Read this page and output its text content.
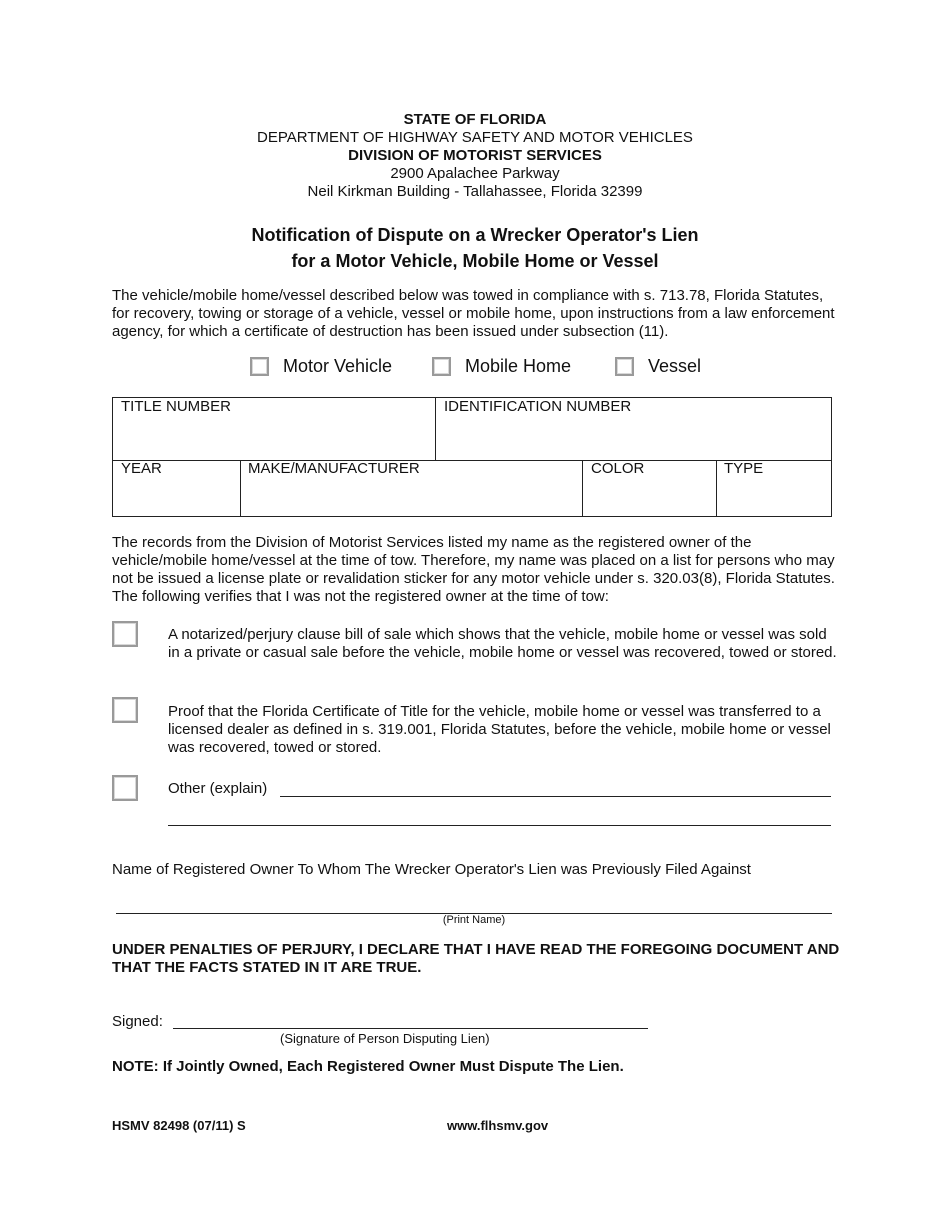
STATE OF FLORIDA
DEPARTMENT OF HIGHWAY SAFETY AND MOTOR VEHICLES
DIVISION OF MOTORIST SERVICES
2900 Apalachee Parkway
Neil Kirkman Building - Tallahassee, Florida 32399
Notification of Dispute on a Wrecker Operator's Lien
for a Motor Vehicle, Mobile Home or Vessel
The vehicle/mobile home/vessel described below was towed in compliance with s. 713.78, Florida Statutes, for recovery, towing or storage of a vehicle, vessel or mobile home, upon instructions from a law enforcement agency, for which a certificate of destruction has been issued under subsection (11).
Motor Vehicle	Mobile Home	Vessel
TITLE NUMBER	IDENTIFICATION NUMBER
YEAR	MAKE/MANUFACTURER	COLOR	TYPE
The records from the Division of Motorist Services listed my name as the registered owner of the vehicle/mobile home/vessel at the time of tow. Therefore, my name was placed on a list for persons who may not be issued a license plate or revalidation sticker for any motor vehicle under s. 320.03(8), Florida Statutes. The following verifies that I was not the registered owner at the time of tow:
A notarized/perjury clause bill of sale which shows that the vehicle, mobile home or vessel was sold in a private or casual sale before the vehicle, mobile home or vessel was recovered, towed or stored.
Proof that the Florida Certificate of Title for the vehicle, mobile home or vessel was transferred to a licensed dealer as defined in s. 319.001, Florida Statutes, before the vehicle, mobile home or vessel was recovered, towed or stored.
Other (explain)
Name of Registered Owner To Whom The Wrecker Operator's Lien was Previously Filed Against
(Print Name)
UNDER PENALTIES OF PERJURY, I DECLARE THAT I HAVE READ THE FOREGOING DOCUMENT AND THAT THE FACTS STATED IN IT ARE TRUE.
Signed:
(Signature of Person Disputing Lien)
NOTE: If Jointly Owned, Each Registered Owner Must Dispute The Lien.
HSMV 82498 (07/11) S	www.flhsmv.gov
